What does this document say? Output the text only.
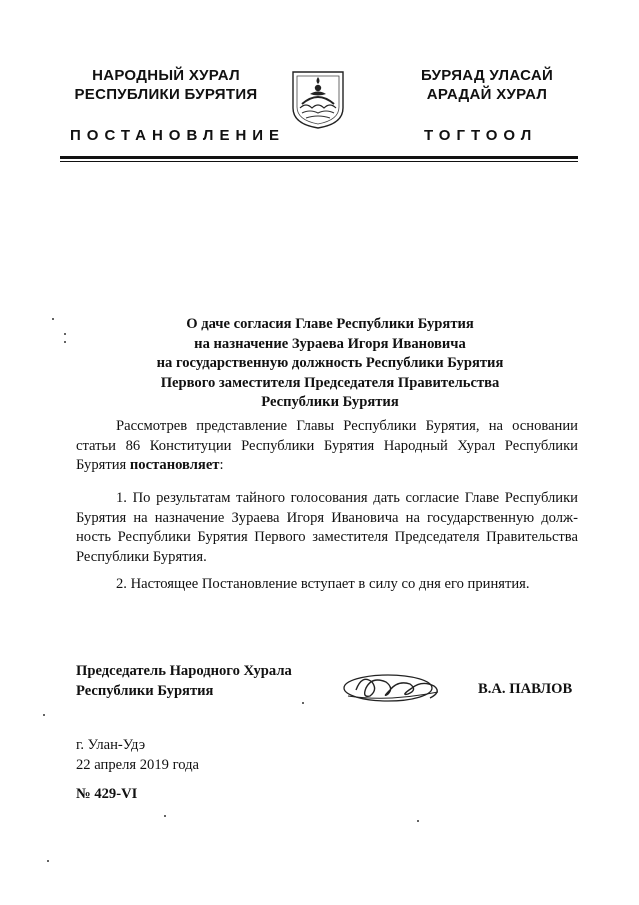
НАРОДНЫЙ ХУРАЛ
РЕСПУБЛИКИ БУРЯТИЯ
БУРЯАД УЛАСАЙ
АРАДАЙ ХУРАЛ
ПОСТАНОВЛЕНИЕ	ТОГТООЛ
О даче согласия Главе Республики Бурятия
на назначение Зураева Игоря Ивановича
на государственную должность Республики Бурятия
Первого заместителя Председателя Правительства
Республики Бурятия

Рассмотрев представление Главы Республики Бурятия, на основании статьи 86 Конституции Республики Бурятия Народный Хурал Республики Бурятия постановляет:

1. По результатам тайного голосования дать согласие Главе Республики Бурятия на назначение Зураева Игоря Ивановича на государственную должность Республики Бурятия Первого заместителя Председателя Правительства Республики Бурятия.

2. Настоящее Постановление вступает в силу со дня его принятия.

Председатель Народного Хурала
Республики Бурятия	В.А. ПАВЛОВ
г. Улан-Удэ
22 апреля 2019 года
№ 429-VI
